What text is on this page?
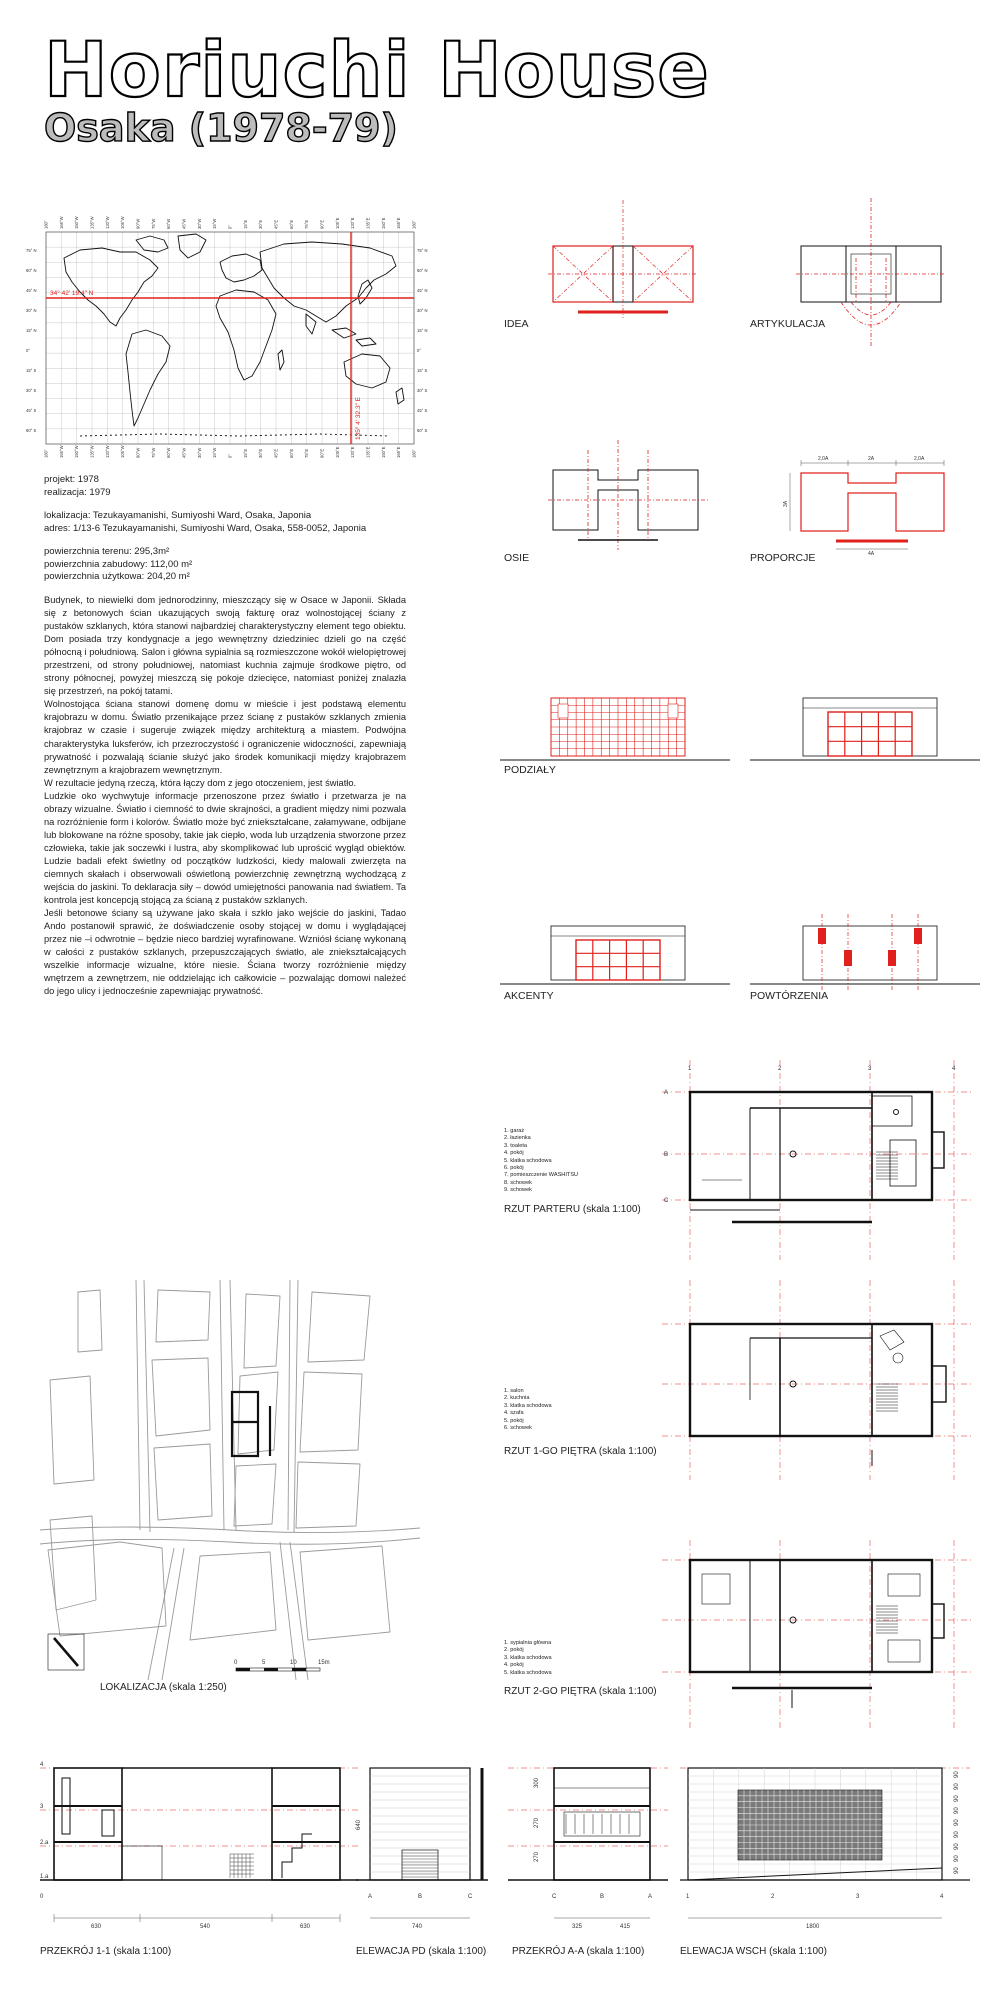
Horiuchi House
Osaka (1978-79)
34° 42' 19.4" N
135° 4' 32.3" E
180° 165°W 150°W 135°W 120°W 105°W 90°W 75°W 60°W 45°W 30°W 15°W 0° 15°E 30°E 45°E 60°E 75°E 90°E 105°E 120°E 135°E 150°E 165°E 180°
180° 165°W 150°W 135°W 120°W 105°W 90°W 75°W 60°W 45°W 30°W 15°W 0° 15°E 30°E 45°E 60°E 75°E 90°E 105°E 120°E 135°E 150°E 165°E 180°
75° N
60° N
45° N
30° N
15° N
0°
15° S
30° S
45° S
60° S
75° N
60° N
45° N
30° N
15° N
0°
15° S
30° S
45° S
60° S
projekt: 1978
realizacja: 1979
lokalizacja: Tezukayamanishi, Sumiyoshi Ward, Osaka, Japonia
adres: 1/13-6 Tezukayamanishi, Sumiyoshi Ward, Osaka, 558-0052, Japonia
powierzchnia terenu: 295,3m²
powierzchnia zabudowy: 112,00 m²
powierzchnia użytkowa: 204,20 m²

Budynek, to niewielki dom jednorodzinny, mieszczący się w Osace w Japonii. Składa się z betonowych ścian ukazujących swoją fakturę oraz wolnostojącej ściany z pustaków szklanych, która stanowi najbardziej charakterystyczny element tego obiektu. Dom posiada trzy kondygnacje a jego wewnętrzny dziedziniec dzieli go na część północną i południową. Salon i główna sypialnia są rozmieszczone wokół wielopiętrowej przestrzeni, od strony południowej, natomiast kuchnia zajmuje środkowe piętro, od strony północnej, powyżej mieszczą się pokoje dziecięce, natomiast poniżej znalazła się przestrzeń, na pokój tatami.

Wolnostojąca ściana stanowi domenę domu w mieście i jest podstawą elementu krajobrazu w domu. Światło przenikające przez ścianę z pustaków szklanych zmienia krajobraz w czasie i sugeruje związek między architekturą a miastem. Podwójna charakterystyka luksferów, ich przezroczystość i ograniczenie widoczności, zapewniają prywatność i pozwalają ścianie służyć jako środek komunikacji między krajobrazem zewnętrznym a krajobrazem wewnętrznym.

W rezultacie jedyną rzeczą, która łączy dom z jego otoczeniem, jest światło.

Ludzkie oko wychwytuje informacje przenoszone przez światło i przetwarza je na obrazy wizualne. Światło i ciemność to dwie skrajności, a gradient między nimi pozwala na rozróżnienie form i kolorów. Światło może być zniekształcane, załamywane, odbijane lub blokowane na różne sposoby, takie jak ciepło, woda lub urządzenia stworzone przez człowieka, takie jak soczewki i lustra, aby skomplikować lub uprościć wygląd obiektów. Ludzie badali efekt świetlny od początków ludzkości, kiedy malowali zwierzęta na ciemnych skałach i obserwowali oświetloną powierzchnię zewnętrzną wychodzącą z wejścia do jaskini. To deklaracja siły – dowód umiejętności panowania nad światłem. Ta kontrola jest koncepcją stojącą za ścianą z pustaków szklanych.

Jeśli betonowe ściany są używane jako skała i szkło jako wejście do jaskini, Tadao Ando postanowił sprawić, że doświadczenie osoby stojącej w domu i wyglądającej przez nie –i odwrotnie – będzie nieco bardziej wyrafinowane. Wzniósł ścianę wykonaną w całości z pustaków szklanych, przepuszczających światło, ale zniekształcających wszelkie informacje wizualne, które niesie. Ściana tworzy rozróżnienie między wnętrzem a zewnętrzem, nie oddzielając ich całkowicie – pozwalając domowi należeć do jego ulicy i jednocześnie zapewniając prywatność.

IDEA	ARTYKULACJA
OSIE
2,0A	2A	2,0A
3A
4A
PROPORCJE
PODZIAŁY
AKCENTY	POWTÓRZENIA
1	2	3	4
A
B
C
1. garaż
2. łazienka
3. toaleta
4. pokój
5. klatka schodowa
6. pokój
7. pomieszczenie WASHITSU
8. schowek
9. schowek
RZUT PARTERU (skala 1:100)
1. salon
2. kuchnia
3. klatka schodowa
4. szafa
5. pokój
6. schowek
RZUT 1-GO PIĘTRA (skala 1:100)
1. sypialnia główna
2. pokój
3. klatka schodowa
4. pokój
5. klatka schodowa
RZUT 2-GO PIĘTRA (skala 1:100)
0	5	10	15m
LOKALIZACJA (skala 1:250)
4
3
2.a
1.a
0
630	540	630
PRZEKRÓJ 1-1 (skala 1:100)
740
640
A	B	C
ELEWACJA PD (skala 1:100)
300
270
270
325	415
C	B	A
PRZEKRÓJ A-A (skala 1:100)
1800
90
90
90
90
90
90
90
90
90
1	2	3	4
ELEWACJA WSCH (skala 1:100)
